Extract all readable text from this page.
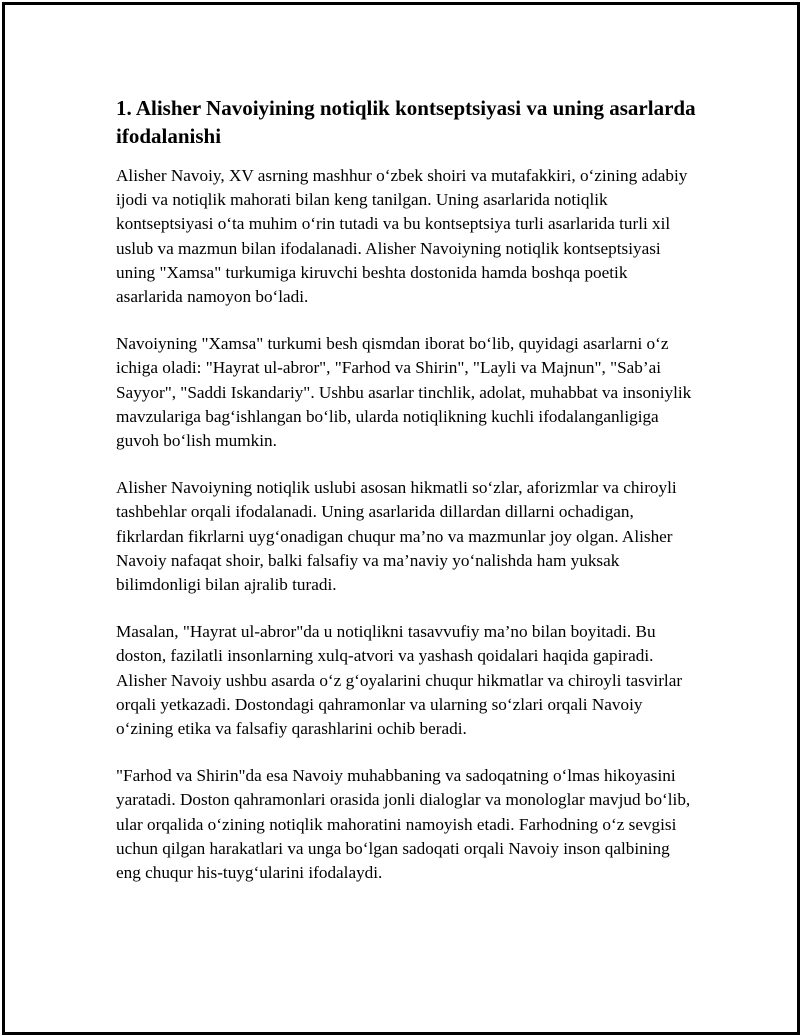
1. Alisher Navoiyining notiqlik kontseptsiyasi va uning asarlarda ifodalanishi

Alisher Navoiy, XV asrning mashhur o‘zbek shoiri va mutafakkiri, o‘zining adabiy ijodi va notiqlik mahorati bilan keng tanilgan. Uning asarlarida notiqlik kontseptsiyasi o‘ta muhim o‘rin tutadi va bu kontseptsiya turli asarlarida turli xil uslub va mazmun bilan ifodalanadi. Alisher Navoiyning notiqlik kontseptsiyasi uning "Xamsa" turkumiga kiruvchi beshta dostonida hamda boshqa poetik asarlarida namoyon bo‘ladi.

Navoiyning "Xamsa" turkumi besh qismdan iborat bo‘lib, quyidagi asarlarni o‘z ichiga oladi: "Hayrat ul-abror", "Farhod va Shirin", "Layli va Majnun", "Sab’ai Sayyor", "Saddi Iskandariy". Ushbu asarlar tinchlik, adolat, muhabbat va insoniylik mavzulariga bag‘ishlangan bo‘lib, ularda notiqlikning kuchli ifodalanganligiga guvoh bo‘lish mumkin.

Alisher Navoiyning notiqlik uslubi asosan hikmatli so‘zlar, aforizmlar va chiroyli tashbehlar orqali ifodalanadi. Uning asarlarida dillardan dillarni ochadigan, fikrlardan fikrlarni uyg‘onadigan chuqur ma’no va mazmunlar joy olgan. Alisher Navoiy nafaqat shoir, balki falsafiy va ma’naviy yo‘nalishda ham yuksak bilimdonligi bilan ajralib turadi.

Masalan, "Hayrat ul-abror"da u notiqlikni tasavvufiy ma’no bilan boyitadi. Bu doston, fazilatli insonlarning xulq-atvori va yashash qoidalari haqida gapiradi. Alisher Navoiy ushbu asarda o‘z g‘oyalarini chuqur hikmatlar va chiroyli tasvirlar orqali yetkazadi. Dostondagi qahramonlar va ularning so‘zlari orqali Navoiy o‘zining etika va falsafiy qarashlarini ochib beradi.

"Farhod va Shirin"da esa Navoiy muhabbaning va sadoqatning o‘lmas hikoyasini yaratadi. Doston qahramonlari orasida jonli dialoglar va monologlar mavjud bo‘lib, ular orqalida o‘zining notiqlik mahoratini namoyish etadi. Farhodning o‘z sevgisi uchun qilgan harakatlari va unga bo‘lgan sadoqati orqali Navoiy inson qalbining eng chuqur his-tuyg‘ularini ifodalaydi.
